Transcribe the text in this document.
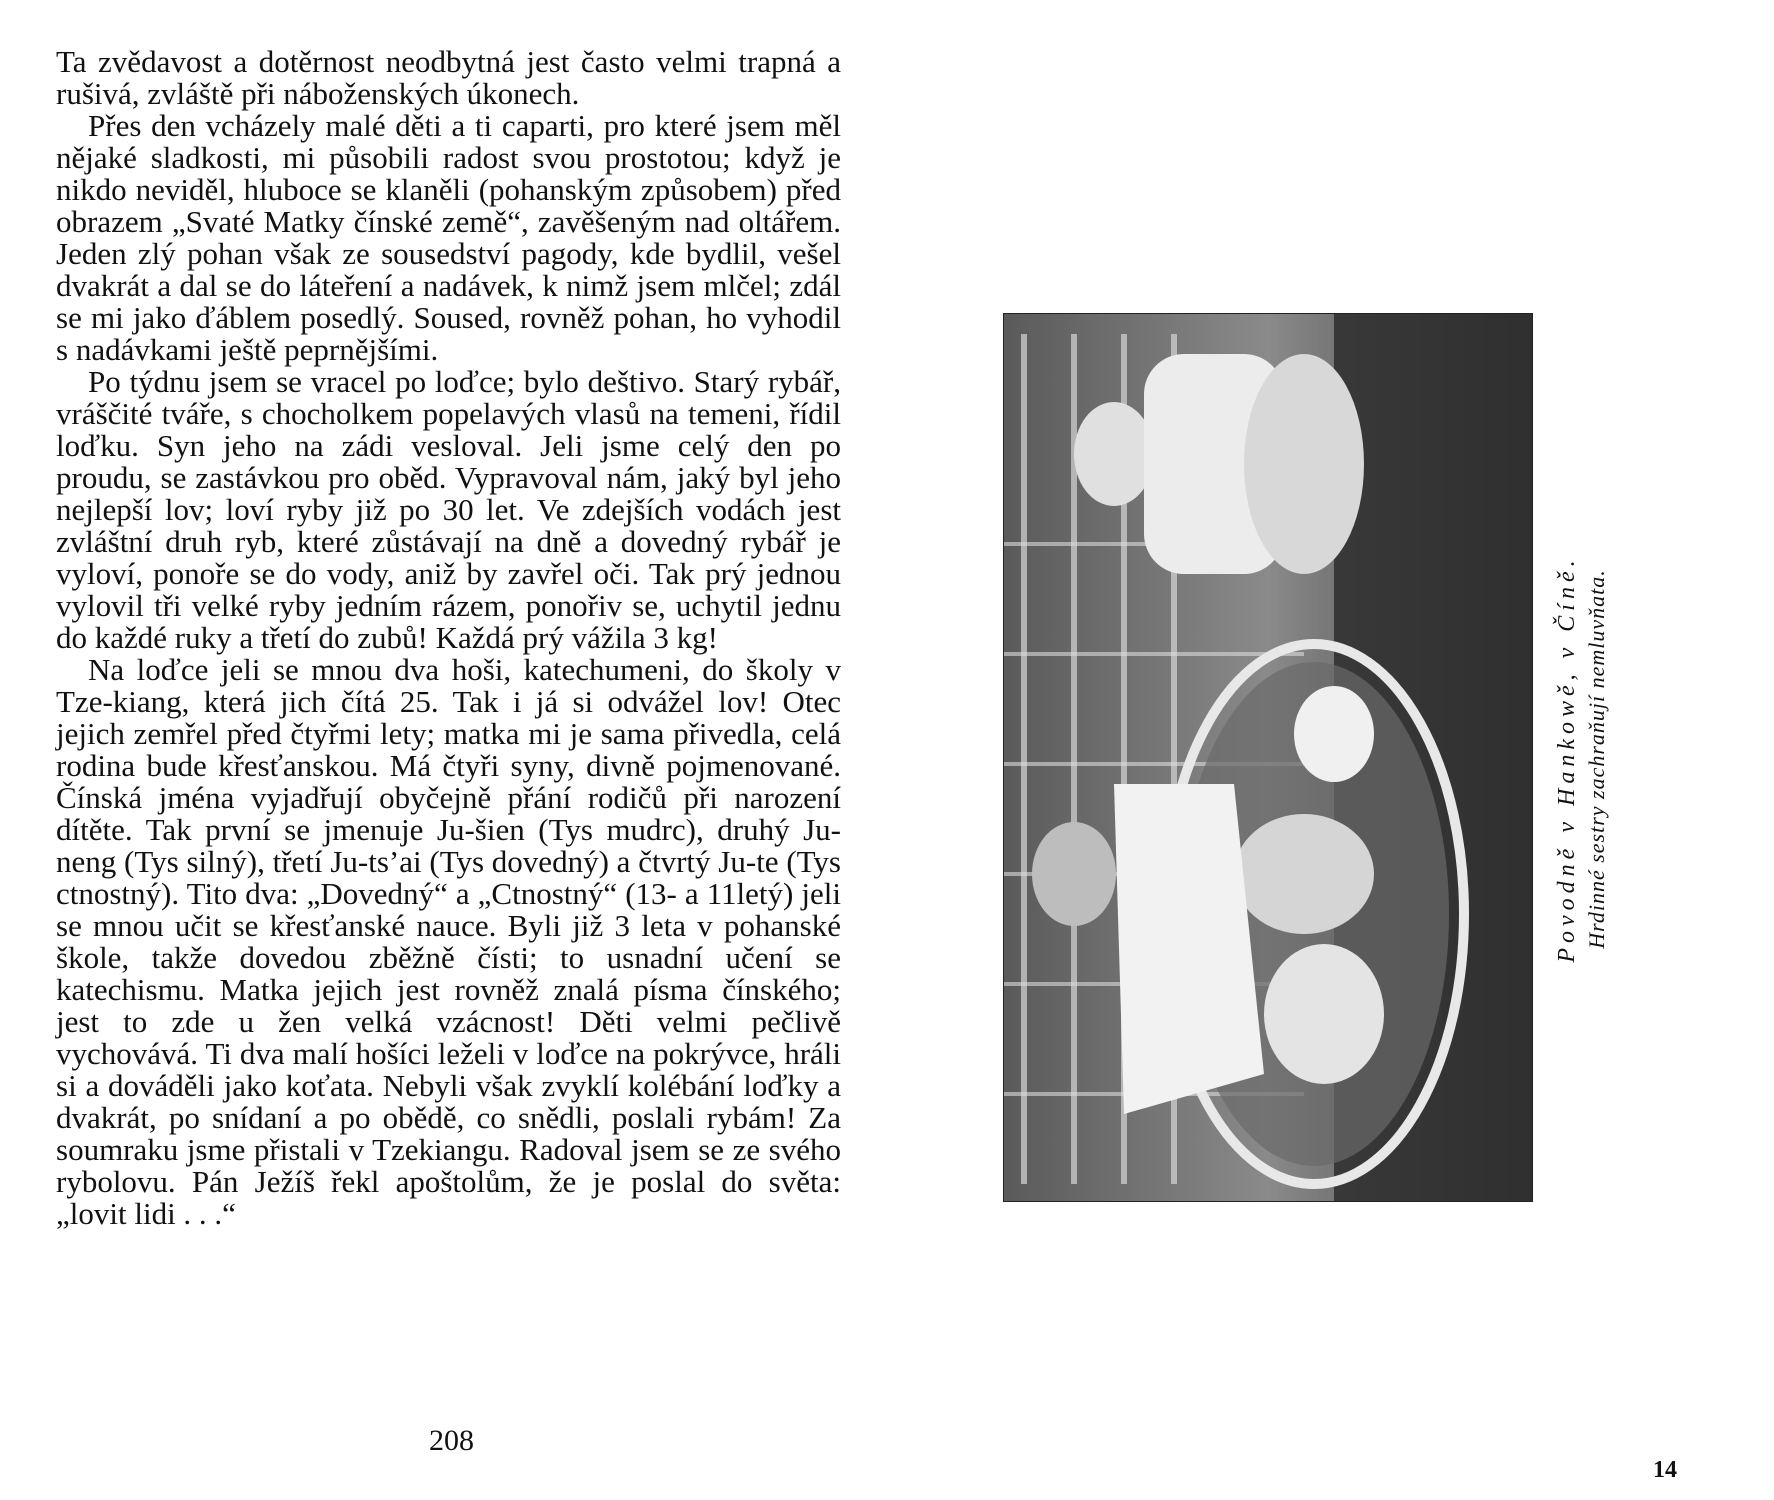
Ta zvědavost a dotěrnost neodbytná jest často velmi trapná a rušivá, zvláště při náboženských úkonech.

Přes den vcházely malé děti a ti caparti, pro které jsem měl nějaké sladkosti, mi působili radost svou prostotou; když je nikdo neviděl, hluboce se klaněli (pohanským způsobem) před obrazem „Svaté Matky čínské země“, zavěšeným nad oltářem. Jeden zlý pohan však ze sousedství pagody, kde bydlil, vešel dvakrát a dal se do láteření a nadávek, k nimž jsem mlčel; zdál se mi jako ďáblem posedlý. Soused, rovněž pohan, ho vyhodil s nadávkami ještě peprnějšími.

Po týdnu jsem se vracel po loďce; bylo deštivo. Starý rybář, vráščité tváře, s chocholkem popelavých vlasů na temeni, řídil loďku. Syn jeho na zádi vesloval. Jeli jsme celý den po proudu, se zastávkou pro oběd. Vypravoval nám, jaký byl jeho nejlepší lov; loví ryby již po 30 let. Ve zdejších vodách jest zvláštní druh ryb, které zůstávají na dně a dovedný rybář je vyloví, ponoře se do vody, aniž by zavřel oči. Tak prý jednou vylovil tři velké ryby jedním rázem, ponořiv se, uchytil jednu do každé ruky a třetí do zubů! Každá prý vážila 3 kg!

Na loďce jeli se mnou dva hoši, katechumeni, do školy v Tze-kiang, která jich čítá 25. Tak i já si odvážel lov! Otec jejich zemřel před čtyřmi lety; matka mi je sama přivedla, celá rodina bude křesťanskou. Má čtyři syny, divně pojmenované. Čínská jména vyjadřují obyčejně přání rodičů při narození dítěte. Tak první se jmenuje Ju-šien (Tys mudrc), druhý Ju-neng (Tys silný), třetí Ju-ts’ai (Tys dovedný) a čtvrtý Ju-te (Tys ctnostný). Tito dva: „Dovedný“ a „Ctnostný“ (13- a 11letý) jeli se mnou učit se křesťanské nauce. Byli již 3 leta v pohanské škole, takže dovedou zběžně čísti; to usnadní učení se katechismu. Matka jejich jest rovněž znalá písma čínského; jest to zde u žen velká vzácnost! Děti velmi pečlivě vychovává. Ti dva malí hošíci leželi v loďce na pokrývce, hráli si a dováděli jako koťata. Nebyli však zvyklí kolébání loďky a dvakrát, po snídaní a po obědě, co snědli, poslali rybám! Za soumraku jsme přistali v Tzekiangu. Radoval jsem se ze svého rybolovu. Pán Ježíš řekl apoštolům, že je poslal do světa: „lovit lidi . . .“

208
Povodně v Hankowě, v Číně. Hrdinné sestry zachraňují nemluvňata.
14
